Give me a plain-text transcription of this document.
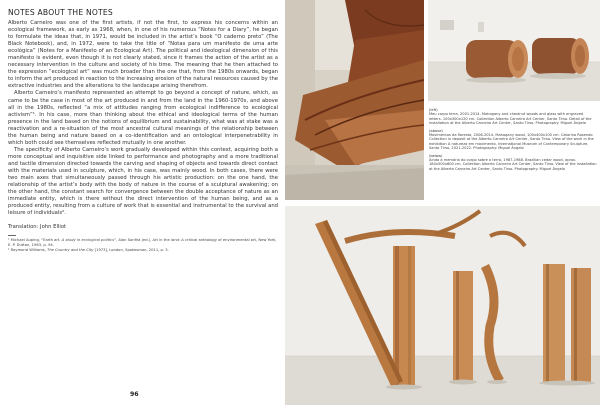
NOTES ABOUT THE NOTES

Alberto Carneiro was one of the first artists, if not the first, to express his concerns within an ecological framework, as early as 1968, when, in one of his numerous “Notes for a Diary”, he began to formulate the ideas that, in 1971, would be included in the artist’s book “O caderno preto” (The Black Notebook), and, in 1972, were to take the title of “Notas para um manifesto de uma arte ecológica” (Notes for a Manifesto of an Ecological Art). The political and ideological dimension of this manifesto is evident, even though it is not clearly stated, since it frames the action of the artist as a necessary intervention in the culture and society of his time. The meaning that he then attached to the expression “ecological art” was much broader than the one that, from the 1980s onwards, began to inform the art produced in reaction to the increasing erosion of the natural resources caused by the extractive industries and the alterations to the landscape arising therefrom.

Alberto Carneiro’s manifesto represented an attempt to go beyond a concept of nature, which, as came to be the case in most of the art produced in and from the land in the 1960-1970s, and above all in the 1980s, reflected “a mix of attitudes ranging from ecological indifference to ecological activism”¹. In his case, more than thinking about the ethical and ideological terms of the human presence in the land based on the notions of equilibrium and sustainability, what was at stake was a reactivation and a re-situation of the most ancestral cultural meanings of the relationship between the human being and nature based on a co-identification and an ontological interpenetrability in which both could see themselves reflected mutually in one another.

The specificity of Alberto Carneiro’s work gradually developed within this context, acquiring both a more conceptual and inquisitive side linked to performance and photography and a more traditional and tactile dimension directed towards the carving and shaping of objects and towards direct contact with the materials used in sculpture, which, in his case, was mainly wood. In both cases, there were two main axes that simultaneously passed through his artistic production: on the one hand, the relationship of the artist’s body with the body of nature in the course of a sculptural awakening; on the other hand, the constant search for convergence between the double acceptance of nature as an immediate entity, which is there without the direct intervention of the human being, and as a produced entity, resulting from a culture of work that is essential and instrumental to the survival and leisure of individuals².

Translation: John Elliot

¹ Michael Auping, “Earth art. A study in ecological politics”, Alan Sonfist (ed.), Art in the land: A critical anthology of environmental art, New York, E. P. Dutton, 1983, p. 94.

² Raymond Williams, The Country and the City [1973], London, Spokesman, 2011, p. 3.

96
(left)
Meu corpo terra, 2001-2014. Mahogany and chestnut woods and glass with engraved letters. 100x300x120 cm. Collection Alberto Carneiro Art Center, Santo Tirso. Detail of the installation at the Alberto Carneiro Art Center, Santo Tirso. Photography: Miguel Ângelo
(above)
Movimentos da floresta, 2006-2014. Mahogany wood, 100x400x100 cm. Catarina Rosendo Collection in deposit at the Alberto Carneiro Art Center, Santo Tirso. View of the work in the exhibition A natureza em movimento, International Museum of Contemporary Sculpture, Santo Tirso, 2021-2022. Photography: Miguel Ângelo
(below)
Ainda a memória do corpo sobre a terra, 1987-1988. Brazilian cedar wood, aprox. 180x500x600 cm. Collection Alberto Carneiro Art Center, Santo Tirso. View of the installation at the Alberto Carneiro Art Center, Santo Tirso. Photography: Miguel Ângelo
